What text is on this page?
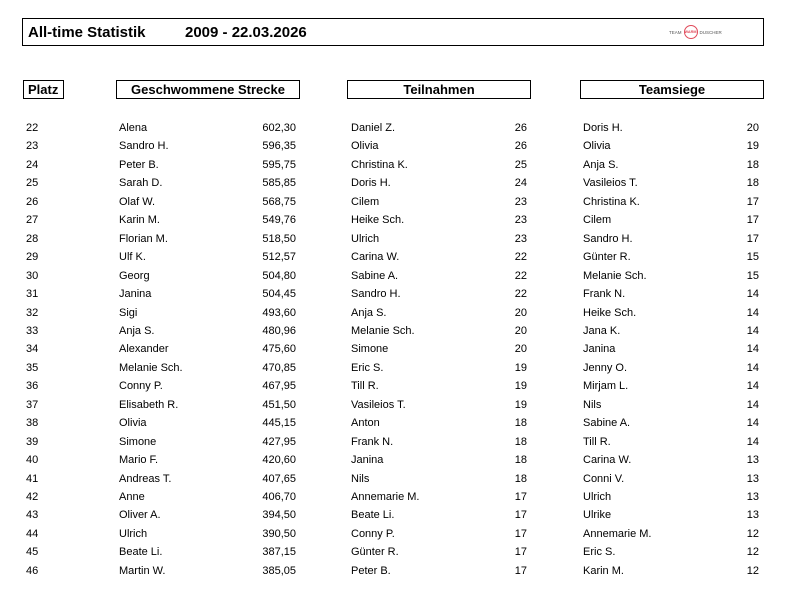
All-time Statistik	2009 - 22.03.2026	TEAM WARM DUSCHER
Platz	Geschwommene Strecke	Teilnahmen	Teamsiege
22	Alena	602,30	Daniel Z.	26	Doris H.	20
23	Sandro H.	596,35	Olivia	26	Olivia	19
24	Peter B.	595,75	Christina K.	25	Anja S.	18
25	Sarah D.	585,85	Doris H.	24	Vasileios T.	18
26	Olaf W.	568,75	Cilem	23	Christina K.	17
27	Karin M.	549,76	Heike Sch.	23	Cilem	17
28	Florian M.	518,50	Ulrich	23	Sandro H.	17
29	Ulf K.	512,57	Carina W.	22	Günter R.	15
30	Georg	504,80	Sabine A.	22	Melanie Sch.	15
31	Janina	504,45	Sandro H.	22	Frank N.	14
32	Sigi	493,60	Anja S.	20	Heike Sch.	14
33	Anja S.	480,96	Melanie Sch.	20	Jana K.	14
34	Alexander	475,60	Simone	20	Janina	14
35	Melanie Sch.	470,85	Eric S.	19	Jenny O.	14
36	Conny P.	467,95	Till R.	19	Mirjam L.	14
37	Elisabeth R.	451,50	Vasileios T.	19	Nils	14
38	Olivia	445,15	Anton	18	Sabine A.	14
39	Simone	427,95	Frank N.	18	Till R.	14
40	Mario F.	420,60	Janina	18	Carina W.	13
41	Andreas T.	407,65	Nils	18	Conni V.	13
42	Anne	406,70	Annemarie M.	17	Ulrich	13
43	Oliver A.	394,50	Beate Li.	17	Ulrike	13
44	Ulrich	390,50	Conny P.	17	Annemarie M.	12
45	Beate Li.	387,15	Günter R.	17	Eric S.	12
46	Martin W.	385,05	Peter B.	17	Karin M.	12
